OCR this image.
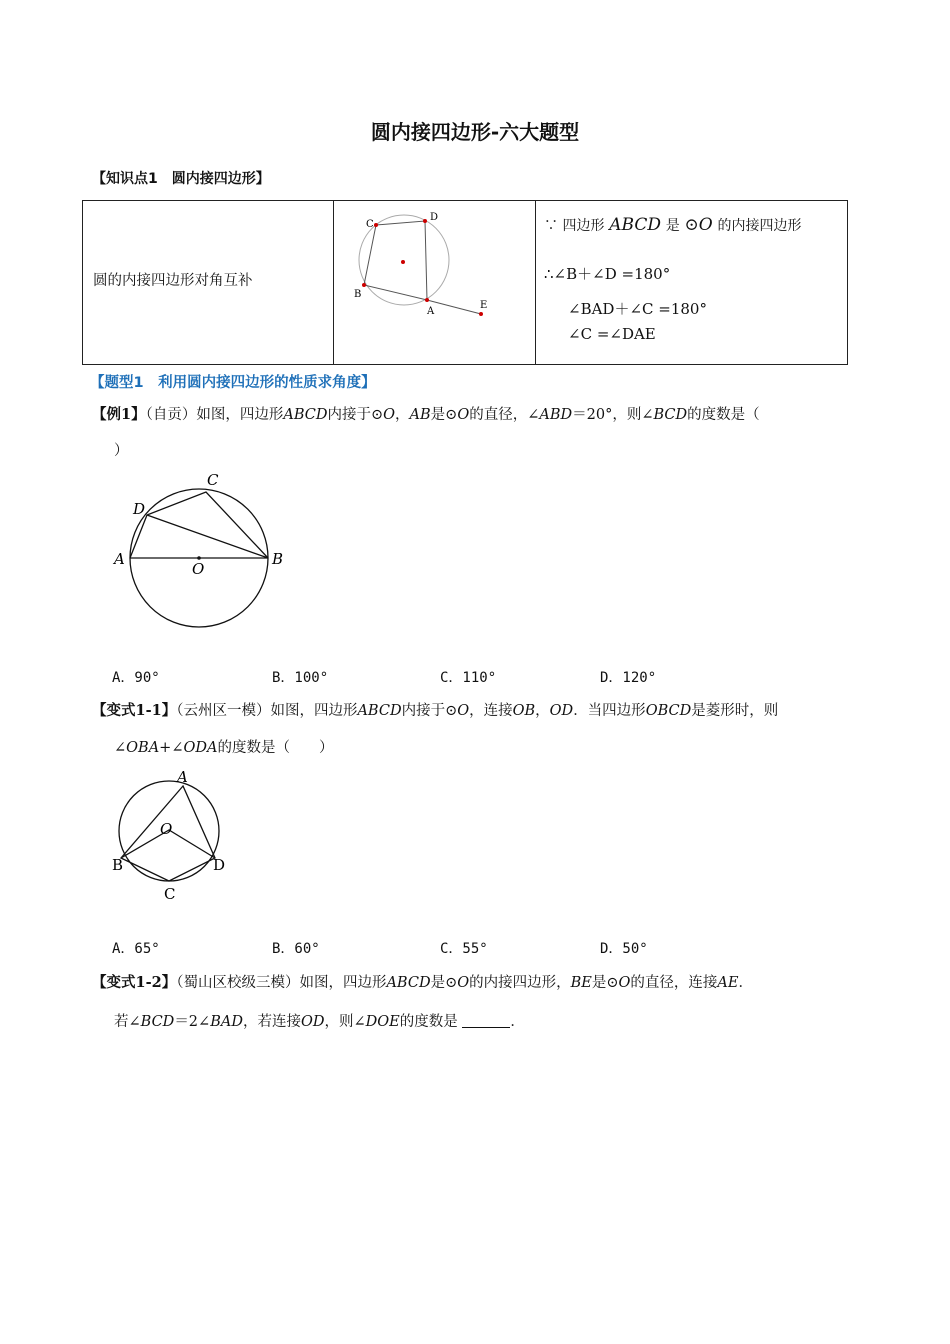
圆内接四边形-六大题型
【知识点1　圆内接四边形】
圆的内接四边形对角互补
C
D
B
A
E
∵ 四边形 ABCD 是 ⊙O 的内接四边形
∴∠B＋∠D =180°
∠BAD＋∠C =180°
∠C =∠DAE
【题型1　利用圆内接四边形的性质求角度】
【例1】（自贡）如图，四边形ABCD内接于⊙O，AB是⊙O的直径，∠ABD＝20°，则∠BCD的度数是（
）
A	B
C
D
O
A．90°	B．100°	C．110°	D．120°
【变式1-1】（云州区一模）如图，四边形ABCD内接于⊙O，连接OB，OD．当四边形OBCD是菱形时，则
∠OBA+∠ODA的度数是（　　）
A
B
C
D
O
A．65°	B．60°	C．55°	D．50°
【变式1-2】（蜀山区校级三模）如图，四边形ABCD是⊙O的内接四边形，BE是⊙O的直径，连接AE．
若∠BCD＝2∠BAD，若连接OD，则∠DOE的度数是	．
